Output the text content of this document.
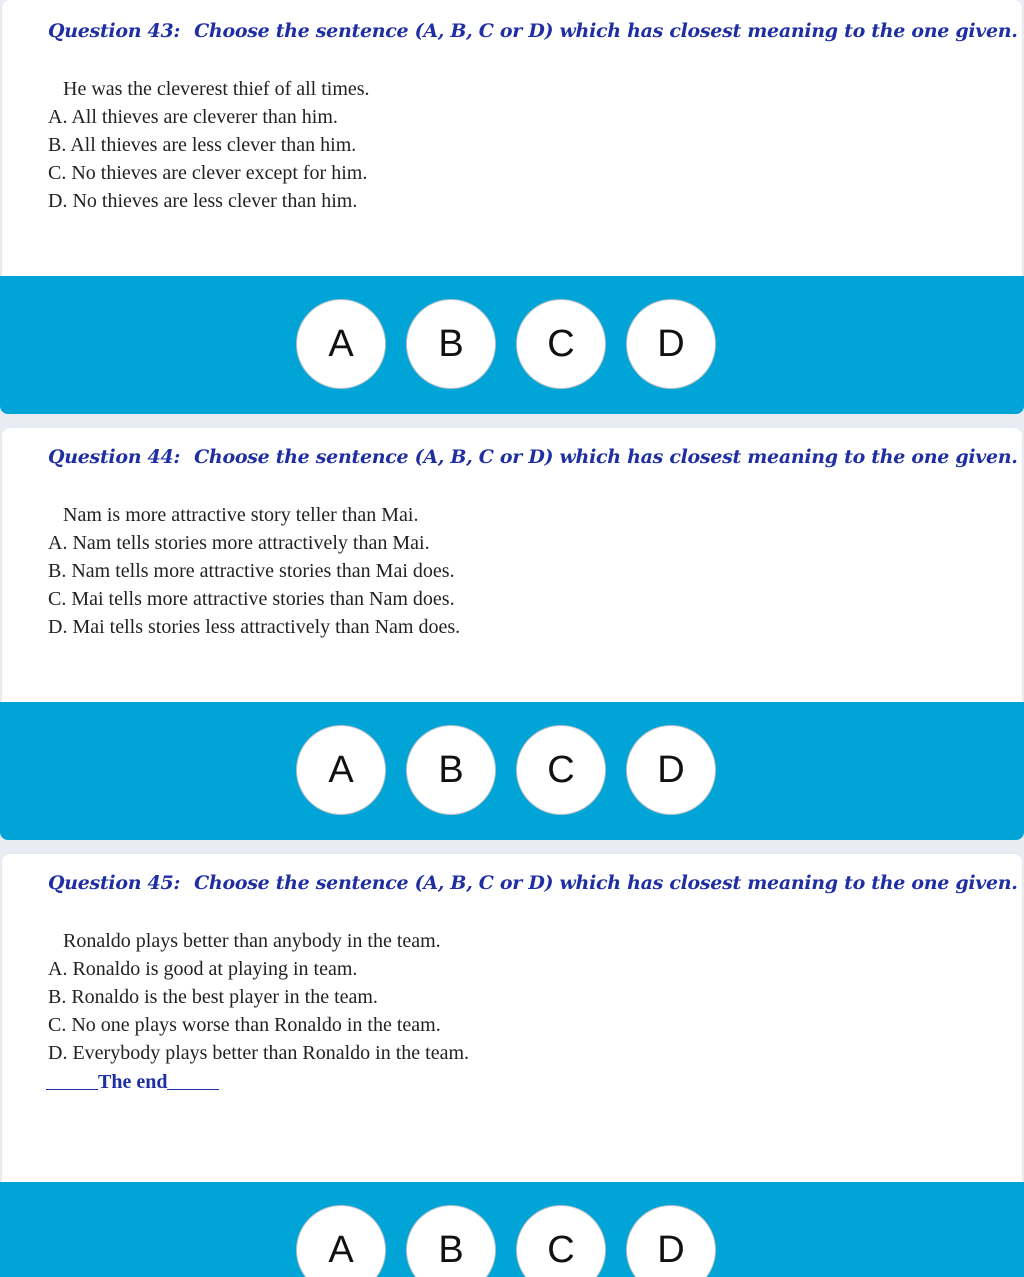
Question 43: Choose the sentence (A, B, C or D) which has closest meaning to the one given.
He was the cleverest thief of all times.
A. All thieves are cleverer than him.
B. All thieves are less clever than him.
C. No thieves are clever except for him.
D. No thieves are less clever than him.
A	B	C	D
Question 44: Choose the sentence (A, B, C or D) which has closest meaning to the one given.
Nam is more attractive story teller than Mai.
A. Nam tells stories more attractively than Mai.
B. Nam tells more attractive stories than Mai does.
C. Mai tells more attractive stories than Nam does.
D. Mai tells stories less attractively than Nam does.
A	B	C	D
Question 45: Choose the sentence (A, B, C or D) which has closest meaning to the one given.
Ronaldo plays better than anybody in the team.
A. Ronaldo is good at playing in team.
B. Ronaldo is the best player in the team.
C. No one plays worse than Ronaldo in the team.
D. Everybody plays better than Ronaldo in the team.
The end
A	B	C	D
